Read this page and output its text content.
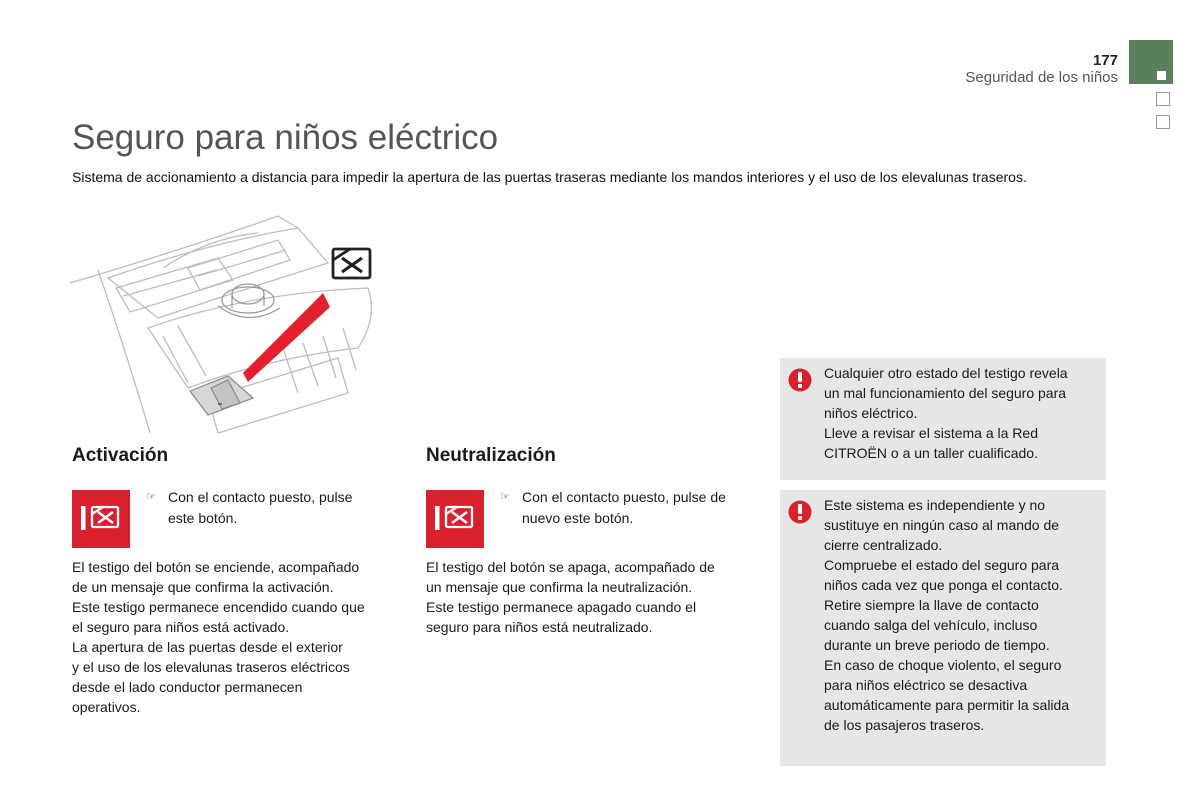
177
Seguridad de los niños
Seguro para niños eléctrico

Sistema de accionamiento a distancia para impedir la apertura de las puertas traseras mediante los mandos interiores y el uso de los elevalunas traseros.

Activación
☞ Con el contacto puesto, pulse
este botón.

El testigo del botón se enciende, acompañado
de un mensaje que confirma la activación.
Este testigo permanece encendido cuando que
el seguro para niños está activado.
La apertura de las puertas desde el exterior
y el uso de los elevalunas traseros eléctricos
desde el lado conductor permanecen
operativos.

Neutralización
☞ Con el contacto puesto, pulse de
nuevo este botón.

El testigo del botón se apaga, acompañado de
un mensaje que confirma la neutralización.
Este testigo permanece apagado cuando el
seguro para niños está neutralizado.

Cualquier otro estado del testigo revela
un mal funcionamiento del seguro para
niños eléctrico.
Lleve a revisar el sistema a la Red
CITROËN o a un taller cualificado.
Este sistema es independiente y no
sustituye en ningún caso al mando de
cierre centralizado.
Compruebe el estado del seguro para
niños cada vez que ponga el contacto.
Retire siempre la llave de contacto
cuando salga del vehículo, incluso
durante un breve periodo de tiempo.
En caso de choque violento, el seguro
para niños eléctrico se desactiva
automáticamente para permitir la salida
de los pasajeros traseros.
